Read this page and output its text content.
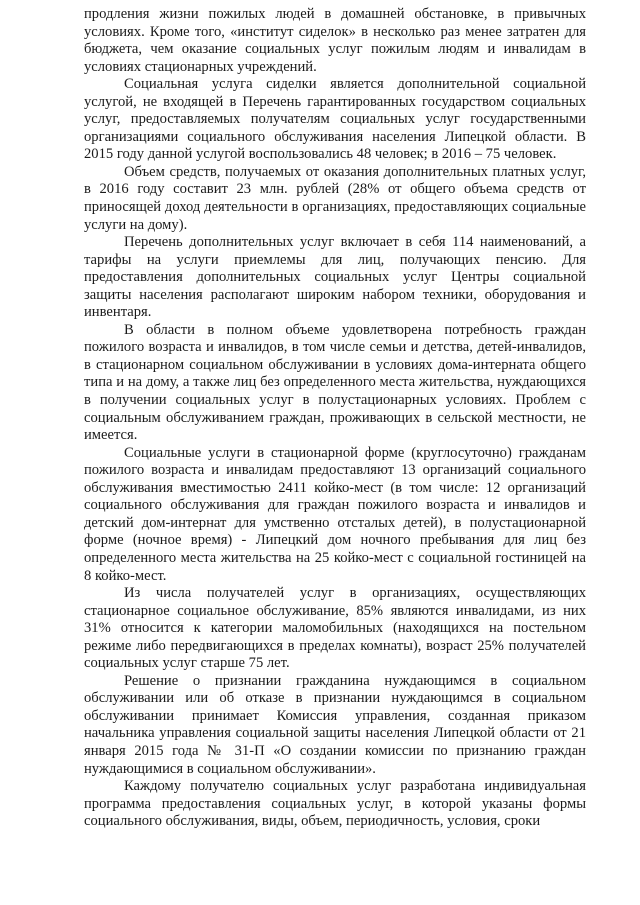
продления жизни пожилых людей в домашней обстановке, в привычных условиях. Кроме того, «институт сиделок» в несколько раз менее затратен для бюджета, чем оказание социальных услуг пожилым людям и инвалидам в условиях стационарных учреждений.

Социальная услуга сиделки является дополнительной социальной услугой, не входящей в Перечень гарантированных государством социальных услуг, предоставляемых получателям социальных услуг государственными организациями социального обслуживания населения Липецкой области. В 2015 году данной услугой воспользовались 48 человек; в 2016 – 75 человек.

Объем средств, получаемых от оказания дополнительных платных услуг, в 2016 году составит 23 млн. рублей (28% от общего объема средств от приносящей доход деятельности в организациях, предоставляющих социальные услуги на дому).

Перечень дополнительных услуг включает в себя 114 наименований, а тарифы на услуги приемлемы для лиц, получающих пенсию. Для предоставления дополнительных социальных услуг Центры социальной защиты населения располагают широким набором техники, оборудования и инвентаря.

В области в полном объеме удовлетворена потребность граждан пожилого возраста и инвалидов, в том числе семьи и детства, детей-инвалидов, в стационарном социальном обслуживании в условиях дома-интерната общего типа и на дому, а также лиц без определенного места жительства, нуждающихся в получении социальных услуг в полустационарных условиях. Проблем с социальным обслуживанием граждан, проживающих в сельской местности, не имеется.

Социальные услуги в стационарной форме (круглосуточно) гражданам пожилого возраста и инвалидам предоставляют 13 организаций социального обслуживания вместимостью 2411 койко-мест (в том числе: 12 организаций социального обслуживания для граждан пожилого возраста и инвалидов и детский дом-интернат для умственно отсталых детей), в полустационарной форме (ночное время) - Липецкий дом ночного пребывания для лиц без определенного места жительства на 25 койко-мест с социальной гостиницей на 8 койко-мест.

Из числа получателей услуг в организациях, осуществляющих стационарное социальное обслуживание, 85% являются инвалидами, из них 31% относится к категории маломобильных (находящихся на постельном режиме либо передвигающихся в пределах комнаты), возраст 25% получателей социальных услуг старше 75 лет.

Решение о признании гражданина нуждающимся в социальном обслуживании или об отказе в признании нуждающимся в социальном обслуживании принимает Комиссия управления, созданная приказом начальника управления социальной защиты населения Липецкой области от 21 января 2015 года № 31-П «О создании комиссии по признанию граждан нуждающимися в социальном обслуживании».

Каждому получателю социальных услуг разработана индивидуальная программа предоставления социальных услуг, в которой указаны формы социального обслуживания, виды, объем, периодичность, условия, сроки
